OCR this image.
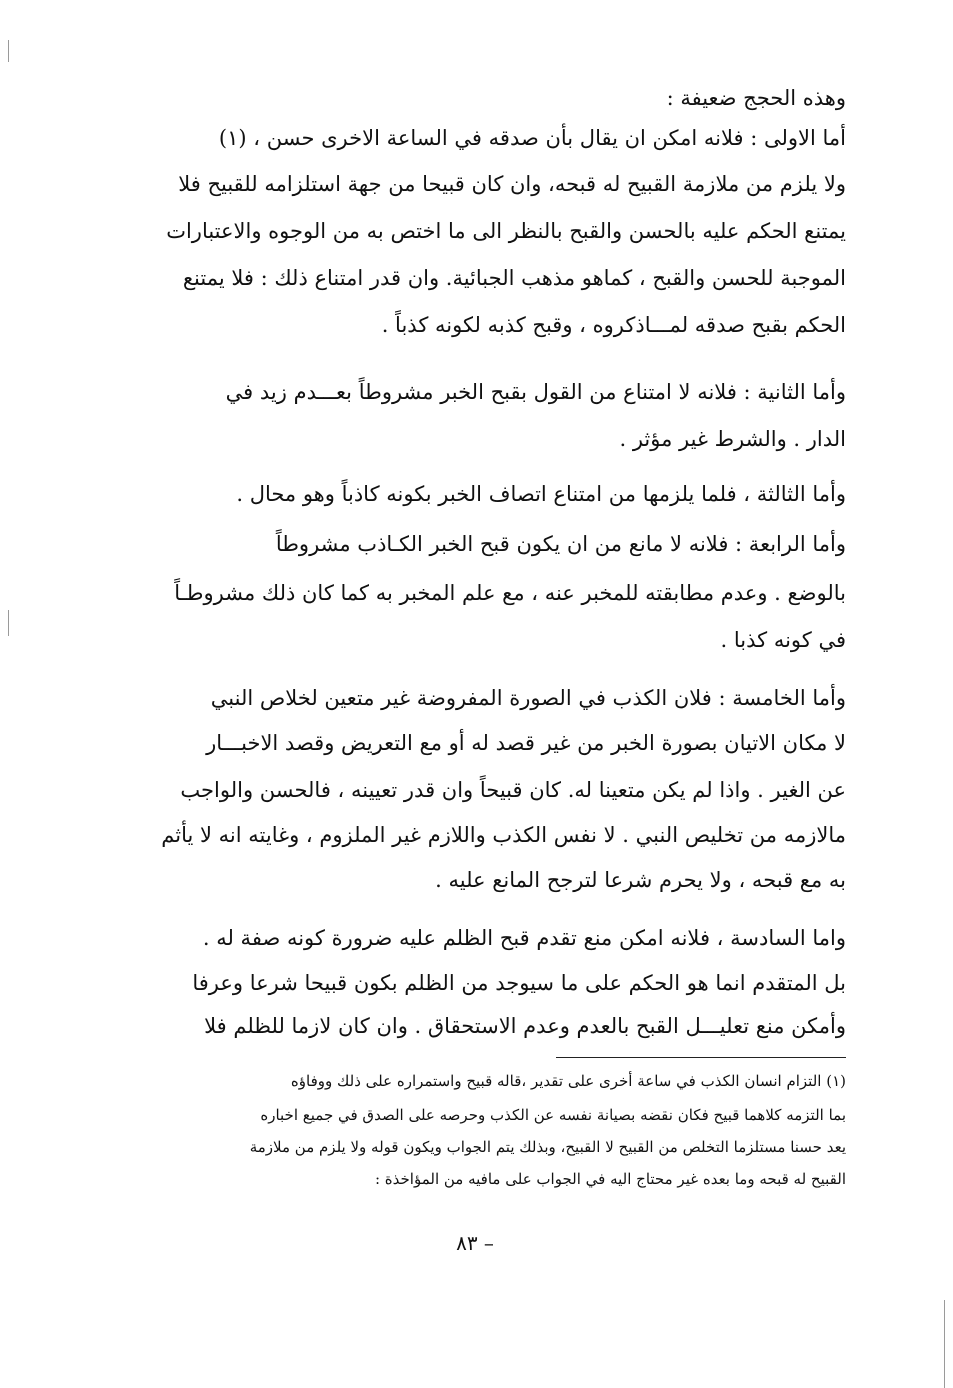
وهذه الحجج ضعيفة :
أما الاولى : فلانه امكن ان يقال بأن صدقه في الساعة الاخرى حسن ، (١)
ولا يلزم من ملازمة القبيح له قبحه، وان كان قبيحا من جهة استلزامه للقبيح فلا
يمتنع الحكم عليه بالحسن والقبح بالنظر الى ما اختص به من الوجوه والاعتبارات
الموجبة للحسن والقبح ، كماهو مذهب الجبائية. وان قدر امتناع ذلك : فلا يمتنع
الحكم بقبح صدقه لمـــاذكروه ، وقبح كذبه لكونه كذباً .
وأما الثانية : فلانه لا امتناع من القول بقبح الخبر مشروطاً بعـــدم زيد في
الدار . والشرط غير مؤثر .
وأما الثالثة ، فلما يلزمها من امتناع اتصاف الخبر بكونه كاذباً وهو محال .
وأما الرابعة : فلانه لا مانع من ان يكون قبح الخبر الكـاذب مشروطاً
بالوضع . وعدم مطابقته للمخبر عنه ، مع علم المخبر به كما كان ذلك مشروطـاً
في كونه كذبا .
وأما الخامسة : فلان الكذب في الصورة المفروضة غير متعين لخلاص النبي
لا مكان الاتيان بصورة الخبر من غير قصد له أو مع التعريض وقصد الاخبـــار
عن الغير . واذا لم يكن متعينا له. كان قبيحاً وان قدر تعيينه ، فالحسن والواجب
مالازمه من تخليص النبي . لا نفس الكذب واللازم غير الملزوم ، وغايته انه لا يأثم
به مع قبحه ، ولا يحرم شرعا لترجح المانع عليه .
واما السادسة ، فلانه امكن منع تقدم قبح الظلم عليه ضرورة كونه صفة له .
بل المتقدم انما هو الحكم على ما سيوجد من الظلم بكون قبيحا شرعا وعرفا
وأمكن منع تعليـــل القبح بالعدم وعدم الاستحقاق . وان كان لازما للظلم فلا
(١) التزام انسان الكذب في ساعة أخرى على تقدير ،قاله قبيح واستمراره على ذلك ووفاؤه
بما التزمه كلاهما قبيح فكان نقضه بصيانة نفسه عن الكذب وحرصه على الصدق في جميع اخباره
يعد حسنا مستلزما التخلص من القبيح لا القبيح، وبذلك يتم الجواب ويكون قوله ولا يلزم من ملازمة
القبيح له قبحه وما بعده غير محتاج اليه في الجواب على مافيه من المؤاخذة :
– ٨٣
